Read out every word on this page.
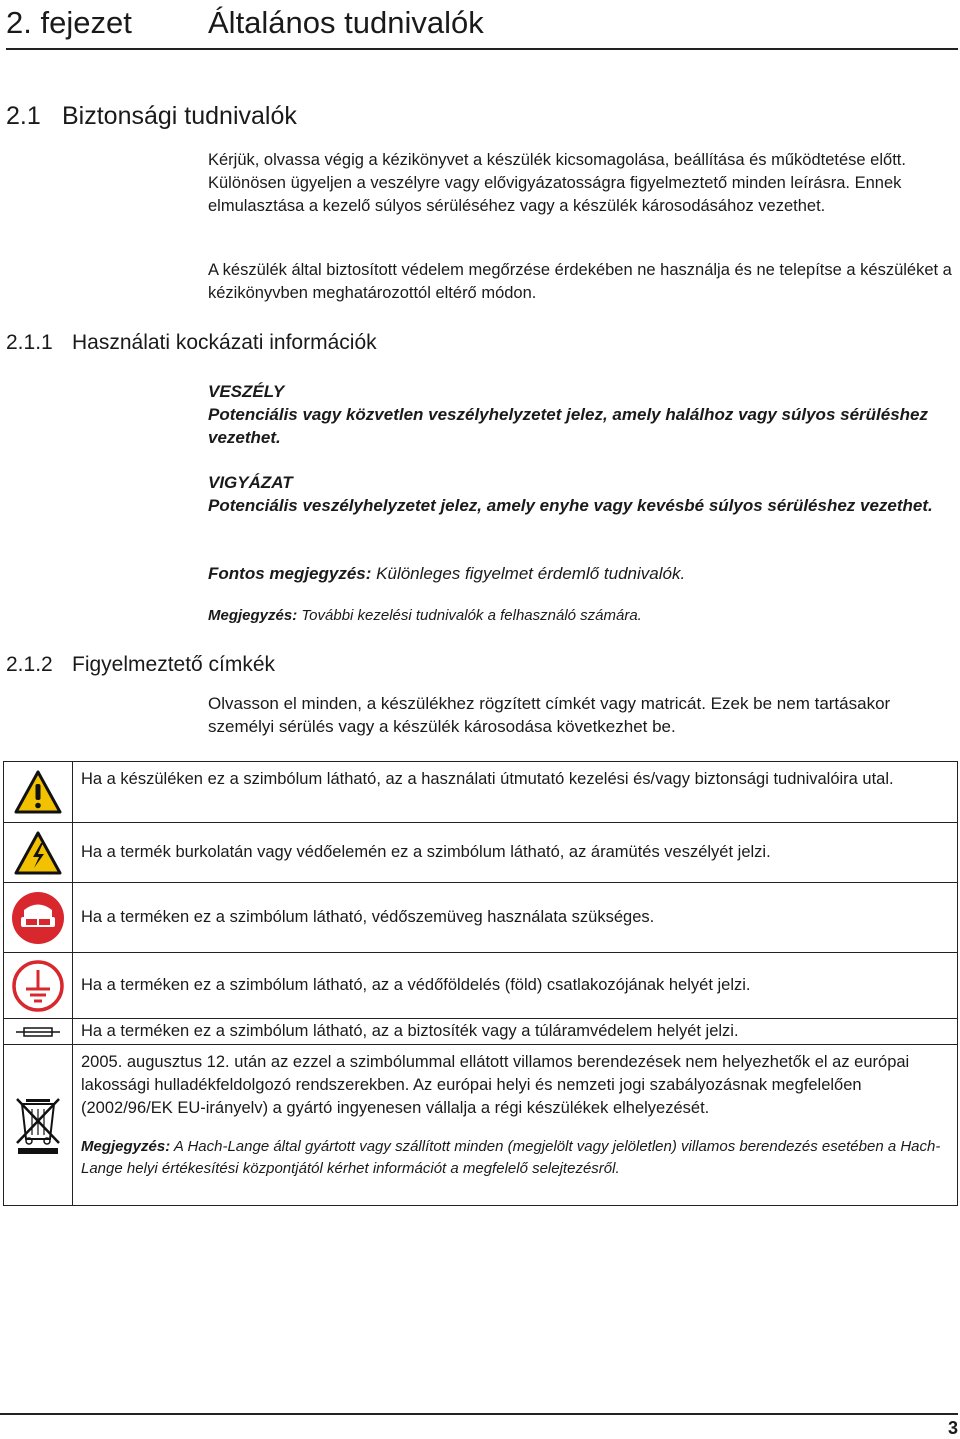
2. fejezet Általános tudnivalók
2.1 Biztonsági tudnivalók
Kérjük, olvassa végig a kézikönyvet a készülék kicsomagolása, beállítása és működtetése előtt. Különösen ügyeljen a veszélyre vagy elővigyázatosságra figyelmeztető minden leírásra. Ennek elmulasztása a kezelő súlyos sérüléséhez vagy a készülék károsodásához vezethet.
A készülék által biztosított védelem megőrzése érdekében ne használja és ne telepítse a készüléket a kézikönyvben meghatározottól eltérő módon.
2.1.1 Használati kockázati információk
VESZÉLY
Potenciális vagy közvetlen veszélyhelyzetet jelez, amely halálhoz vagy súlyos sérüléshez vezethet.
VIGYÁZAT
Potenciális veszélyhelyzetet jelez, amely enyhe vagy kevésbé súlyos sérüléshez vezethet.
Fontos megjegyzés: Különleges figyelmet érdemlő tudnivalók.
Megjegyzés: További kezelési tudnivalók a felhasználó számára.
2.1.2 Figyelmeztető címkék
Olvasson el minden, a készülékhez rögzített címkét vagy matricát. Ezek be nem tartásakor személyi sérülés vagy a készülék károsodása következhet be.
	Ha a készüléken ez a szimbólum látható, az a használati útmutató kezelési és/vagy biztonsági tudnivalóira utal.

	Ha a termék burkolatán vagy védőelemén ez a szimbólum látható, az áramütés veszélyét jelzi.

	Ha a terméken ez a szimbólum látható, védőszemüveg használata szükséges.

	Ha a terméken ez a szimbólum látható, az a védőföldelés (föld) csatlakozójának helyét jelzi.

	Ha a terméken ez a szimbólum látható, az a biztosíték vagy a túláramvédelem helyét jelzi.

2005. augusztus 12. után az ezzel a szimbólummal ellátott villamos berendezések nem helyezhetők el az európai lakossági hulladékfeldolgozó rendszerekben. Az európai helyi és nemzeti jogi szabályozásnak megfelelően (2002/96/EK EU-irányelv) a gyártó ingyenesen vállalja a régi készülékek elhelyezését.
Megjegyzés: A Hach-Lange által gyártott vagy szállított minden (megjelölt vagy jelöletlen) villamos berendezés esetében a Hach-Lange helyi értékesítési központjától kérhet információt a megfelelő selejtezésről.
3
